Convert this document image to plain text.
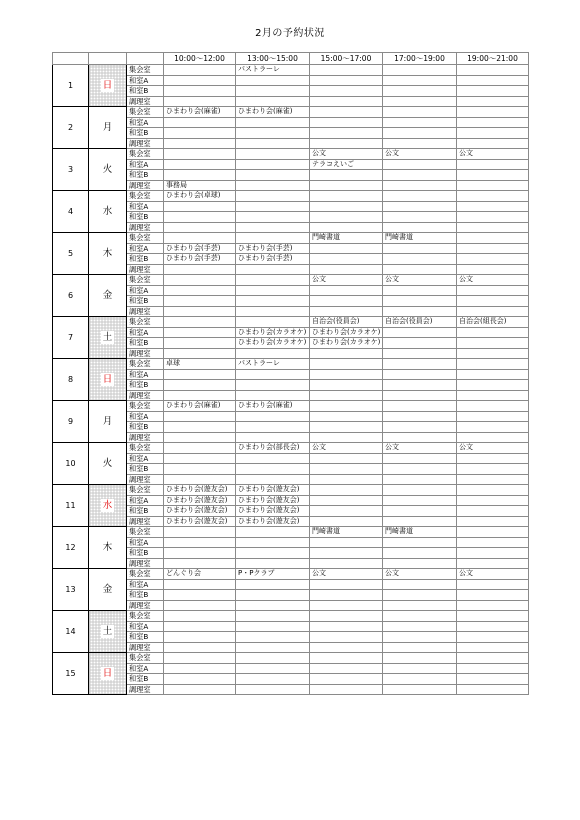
2月の予約状況
			10:00～12:00	13:00～15:00	15:00～17:00	17:00～19:00	19:00～21:00
1	日	集会室		パストラーレ			
		和室A					
		和室B					
		調理室					
2	月	集会室	ひまわり会(麻雀)	ひまわり会(麻雀)			
		和室A					
		和室B					
		調理室					
3	火	集会室			公文	公文	公文
		和室A			テラコえいご		
		和室B					
		調理室	事務局				
4	水	集会室	ひまわり会(卓球)				
		和室A					
		和室B					
		調理室					
5	木	集会室			門崎書道	門崎書道	
		和室A	ひまわり会(手芸)	ひまわり会(手芸)			
		和室B	ひまわり会(手芸)	ひまわり会(手芸)			
		調理室					
6	金	集会室			公文	公文	公文
		和室A					
		和室B					
		調理室					
7	土	集会室			自治会(役員会)	自治会(役員会)	自治会(組長会)
		和室A		ひまわり会(カラオケ)	ひまわり会(カラオケ)		
		和室B		ひまわり会(カラオケ)	ひまわり会(カラオケ)		
		調理室					
8	日	集会室	卓球	パストラーレ			
		和室A					
		和室B					
		調理室					
9	月	集会室	ひまわり会(麻雀)	ひまわり会(麻雀)			
		和室A					
		和室B					
		調理室					
10	火	集会室		ひまわり会(部長会)	公文	公文	公文
		和室A					
		和室B					
		調理室					
11	水	集会室	ひまわり会(遊友会)	ひまわり会(遊友会)			
		和室A	ひまわり会(遊友会)	ひまわり会(遊友会)			
		和室B	ひまわり会(遊友会)	ひまわり会(遊友会)			
		調理室	ひまわり会(遊友会)	ひまわり会(遊友会)			
12	木	集会室			門崎書道	門崎書道	
		和室A					
		和室B					
		調理室					
13	金	集会室	どんぐり会	P・Pクラブ	公文	公文	公文
		和室A					
		和室B					
		調理室					
14	土	集会室					
		和室A					
		和室B					
		調理室					
15	日	集会室					
		和室A					
		和室B					
		調理室					
